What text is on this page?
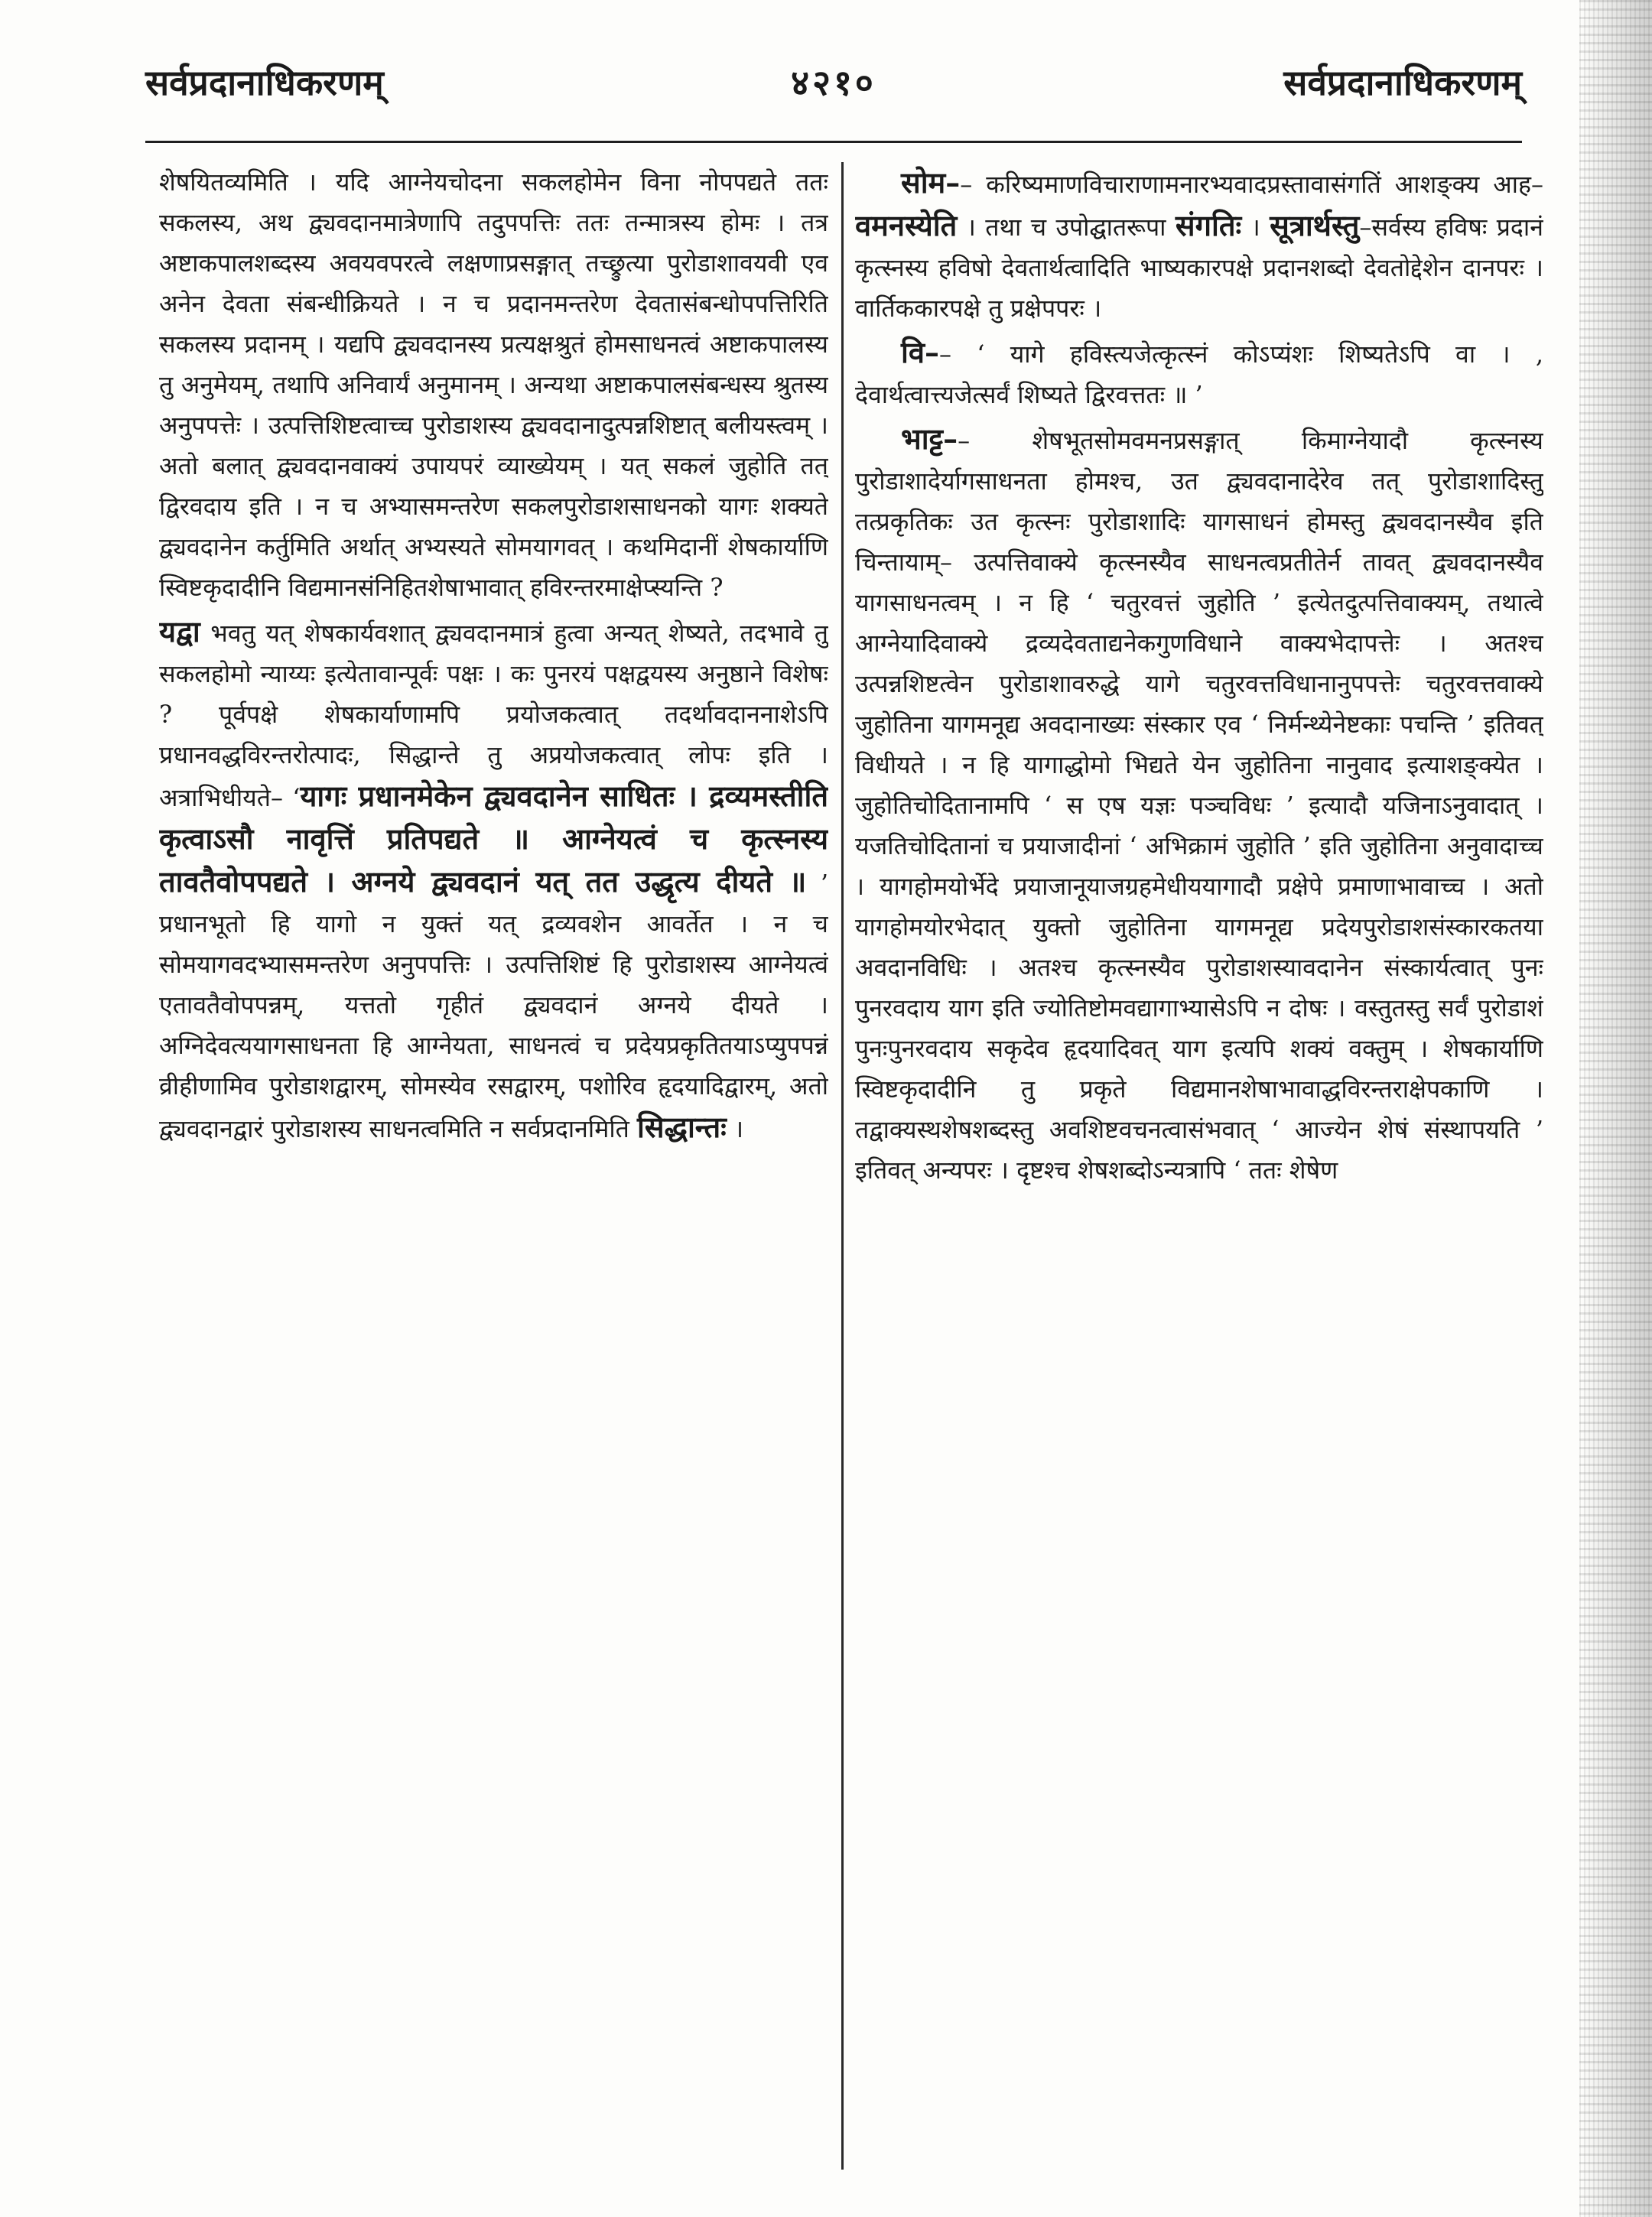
सर्वप्रदानाधिकरणम्	४२१०	सर्वप्रदानाधिकरणम्

शेषयितव्यमिति । यदि आग्नेयचोदना सकलहोमेन विना नोपपद्यते ततः सकलस्य, अथ द्व्यवदानमात्रेणापि तदुपपत्तिः ततः तन्मात्रस्य होमः । तत्र अष्टाकपालशब्दस्य अवयवपरत्वे लक्षणाप्रसङ्गात् तच्छ्रुत्या पुरोडाशावयवी एव अनेन देवता संबन्धीक्रियते । न च प्रदानमन्तरेण देवतासंबन्धोपपत्तिरिति सकलस्य प्रदानम् । यद्यपि द्व्यवदानस्य प्रत्यक्षश्रुतं होमसाधनत्वं अष्टाकपालस्य तु अनुमेयम्, तथापि अनिवार्यं अनुमानम् । अन्यथा अष्टाकपालसंबन्धस्य श्रुतस्य अनुपपत्तेः । उत्पत्तिशिष्टत्वाच्च पुरोडाशस्य द्व्यवदानादुत्पन्नशिष्टात् बलीयस्त्वम् । अतो बलात् द्व्यवदानवाक्यं उपायपरं व्याख्येयम् । यत् सकलं जुहोति तत् द्विरवदाय इति । न च अभ्यासमन्तरेण सकलपुरोडाशसाधनको यागः शक्यते द्व्यवदानेन कर्तुमिति अर्थात् अभ्यस्यते सोमयागवत् । कथमिदानीं शेषकार्याणि स्विष्टकृदादीनि विद्यमानसंनिहितशेषाभावात् हविरन्तरमाक्षेप्स्यन्ति ?

यद्वा भवतु यत् शेषकार्यवशात् द्व्यवदानमात्रं हुत्वा अन्यत् शेष्यते, तदभावे तु सकलहोमो न्याय्यः इत्येतावान्पूर्वः पक्षः । कः पुनरयं पक्षद्वयस्य अनुष्ठाने विशेषः ? पूर्वपक्षे शेषकार्याणामपि प्रयोजकत्वात् तदर्थावदाननाशेऽपि प्रधानवद्धविरन्तरोत्पादः, सिद्धान्ते तु अप्रयोजकत्वात् लोपः इति । अत्राभिधीयते– ‘यागः प्रधानमेकेन द्व्यवदानेन साधितः । द्रव्यमस्तीति कृत्वाऽसौ नावृत्तिं प्रतिपद्यते ॥ आग्नेयत्वं च कृत्स्नस्य तावतैवोपपद्यते । अग्नये द्व्यवदानं यत् तत उद्धृत्य दीयते ॥ ’ प्रधानभूतो हि यागो न युक्तं यत् द्रव्यवशेन आवर्तेत । न च सोमयागवदभ्यासमन्तरेण अनुपपत्तिः । उत्पत्तिशिष्टं हि पुरोडाशस्य आग्नेयत्वं एतावतैवोपपन्नम्, यत्ततो गृहीतं द्व्यवदानं अग्नये दीयते । अग्निदेवत्ययागसाधनता हि आग्नेयता, साधनत्वं च प्रदेयप्रकृतितयाऽप्युपपन्नं व्रीहीणामिव पुरोडाशद्वारम्, सोमस्येव रसद्वारम्, पशोरिव हृदयादिद्वारम्, अतो द्व्यवदानद्वारं पुरोडाशस्य साधनत्वमिति न सर्वप्रदानमिति सिद्धान्तः ।

सोम–– करिष्यमाणविचाराणामनारभ्यवादप्रस्तावासंगतिं आशङ्क्य आह– वमनस्येति । तथा च उपोद्घातरूपा संगतिः । सूत्रार्थस्तु–सर्वस्य हविषः प्रदानं कृत्स्नस्य हविषो देवतार्थत्वादिति भाष्यकारपक्षे प्रदानशब्दो देवतोद्देशेन दानपरः । वार्तिककारपक्षे तु प्रक्षेपपरः ।

वि–– ‘ यागे हविस्त्यजेत्कृत्स्नं कोऽप्यंशः शिष्यतेऽपि वा । , देवार्थत्वात्त्यजेत्सर्वं शिष्यते द्विरवत्ततः ॥ ’

भाट्ट–– शेषभूतसोमवमनप्रसङ्गात् किमाग्नेयादौ कृत्स्नस्य पुरोडाशादेर्यागसाधनता होमश्च, उत द्व्यवदानादेरेव तत् पुरोडाशादिस्तु तत्प्रकृतिकः उत कृत्स्नः पुरोडाशादिः यागसाधनं होमस्तु द्व्यवदानस्यैव इति चिन्तायाम्– उत्पत्तिवाक्ये कृत्स्नस्यैव साधनत्वप्रतीतेर्न तावत् द्व्यवदानस्यैव यागसाधनत्वम् । न हि ‘ चतुरवत्तं जुहोति ’ इत्येतदुत्पत्तिवाक्यम्, तथात्वे आग्नेयादिवाक्ये द्रव्यदेवताद्यनेकगुणविधाने वाक्यभेदापत्तेः । अतश्च उत्पन्नशिष्टत्वेन पुरोडाशावरुद्धे यागे चतुरवत्तविधानानुपपत्तेः चतुरवत्तवाक्ये जुहोतिना यागमनूद्य अवदानाख्यः संस्कार एव ‘ निर्मन्थ्येनेष्टकाः पचन्ति ’ इतिवत् विधीयते । न हि यागाद्धोमो भिद्यते येन जुहोतिना नानुवाद इत्याशङ्क्येत । जुहोतिचोदितानामपि ‘ स एष यज्ञः पञ्चविधः ’ इत्यादौ यजिनाऽनुवादात् । यजतिचोदितानां च प्रयाजादीनां ‘ अभिक्रामं जुहोति ’ इति जुहोतिना अनुवादाच्च । यागहोमयोर्भेदे प्रयाजानूयाजग्रहमेधीययागादौ प्रक्षेपे प्रमाणाभावाच्च । अतो यागहोमयोरभेदात् युक्तो जुहोतिना यागमनूद्य प्रदेयपुरोडाशसंस्कारकतया अवदानविधिः । अतश्च कृत्स्नस्यैव पुरोडाशस्यावदानेन संस्कार्यत्वात् पुनः पुनरवदाय याग इति ज्योतिष्टोमवद्यागाभ्यासेऽपि न दोषः । वस्तुतस्तु सर्वं पुरोडाशं पुनःपुनरवदाय सकृदेव हृदयादिवत् याग इत्यपि शक्यं वक्तुम् । शेषकार्याणि स्विष्टकृदादीनि तु प्रकृते विद्यमानशेषाभावाद्धविरन्तराक्षेपकाणि । तद्वाक्यस्थशेषशब्दस्तु अवशिष्टवचनत्वासंभवात् ‘ आज्येन शेषं संस्थापयति ’ इतिवत् अन्यपरः । दृष्टश्च शेषशब्दोऽन्यत्रापि ‘ ततः शेषेण
